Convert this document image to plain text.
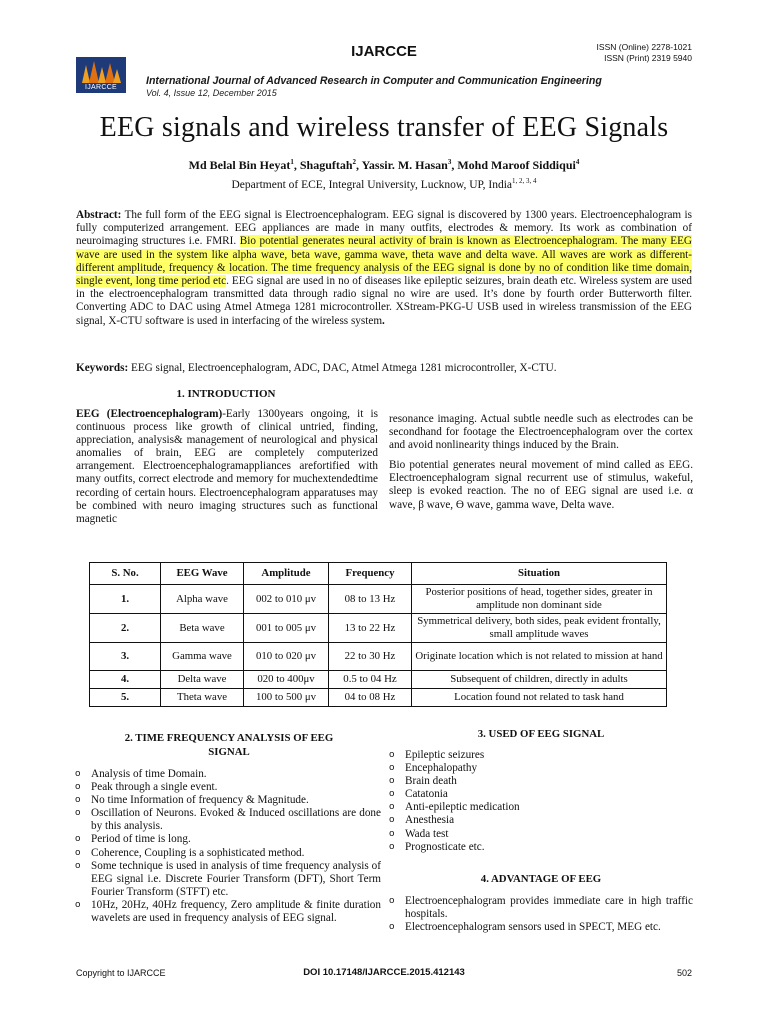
IJARCCE	ISSN (Online) 2278-1021
ISSN (Print) 2319 5940
IJARCCE
International Journal of Advanced Research in Computer and Communication Engineering
Vol. 4, Issue 12, December 2015
EEG signals and wireless transfer of EEG Signals
Md Belal Bin Heyat$^1$, Shaguftah$^2$, Yassir. M. Hasan$^3$, Mohd Maroof Siddiqui$^4$
Department of ECE, Integral University, Lucknow, UP, India$^{1, 2, 3, 4}$
Abstract: The full form of the EEG signal is Electroencephalogram. EEG signal is discovered by 1300 years. Electroencephalogram is fully computerized arrangement. EEG appliances are made in many outfits, electrodes & memory. Its work as combination of neuroimaging structures i.e. FMRI. Bio potential generates neural activity of brain is known as Electroencephalogram. The many EEG wave are used in the system like alpha wave, beta wave, gamma wave, theta wave and delta wave. All waves are work as different-different amplitude, frequency & location. The time frequency analysis of the EEG signal is done by no of condition like time domain, single event, long time period etc. EEG signal are used in no of diseases like epileptic seizures, brain death etc. Wireless system are used in the electroencephalogram transmitted data through radio signal no wire are used. It’s done by fourth order Butterworth filter. Converting ADC to DAC using Atmel Atmega 1281 microcontroller. XStream-PKG-U USB used in wireless transmission of the EEG signal, X-CTU software is used in interfacing of the wireless system.
Keywords: EEG signal, Electroencephalogram, ADC, DAC, Atmel Atmega 1281 microcontroller, X-CTU.
1. INTRODUCTION
EEG (Electroencephalogram)-Early 1300years ongoing, it is continuous process like growth of clinical untried, finding, appreciation, analysis& management of neurological and physical anomalies of brain, EEG are completely computerized arrangement. Electroencephalogramappliances arefortified with many outfits, correct electrode and memory for muchextendedtime recording of certain hours. Electroencephalogram apparatuses may be combined with neuro imaging structures such as functional magnetic

resonance imaging. Actual subtle needle such as electrodes can be secondhand for footage the Electroencephalogram over the cortex and avoid nonlinearity things induced by the Brain.

Bio potential generates neural movement of mind called as EEG. Electroencephalogram signal recurrent use of stimulus, wakeful, sleep is evoked reaction. The no of EEG signal are used i.e. α wave, β wave, ϴ wave, gamma wave, Delta wave.

S. No.	EEG Wave	Amplitude	Frequency	Situation
1.	Alpha wave	002 to 010 μv	08 to 13 Hz	Posterior positions of head, together sides, greater in amplitude non dominant side
2.	Beta wave	001 to 005 μv	13 to 22 Hz	Symmetrical delivery, both sides, peak evident frontally, small amplitude waves
3.	Gamma wave	010 to 020 μv	22 to 30 Hz	Originate location which is not related to mission at hand
4.	Delta wave	020 to 400μv	0.5 to 04 Hz	Subsequent of children, directly in adults
5.	Theta wave	100 to 500 μv	04 to 08 Hz	Location found not related to task hand
2. TIME FREQUENCY ANALYSIS OF EEG
SIGNAL
o Analysis of time Domain.
o Peak through a single event.
o No time Information of frequency & Magnitude.
o Oscillation of Neurons. Evoked & Induced oscillations are done by this analysis.
o Period of time is long.
o Coherence, Coupling is a sophisticated method.
o Some technique is used in analysis of time frequency analysis of EEG signal i.e. Discrete Fourier Transform (DFT), Short Term Fourier Transform (STFT) etc.
o 10Hz, 20Hz, 40Hz frequency, Zero amplitude & finite duration wavelets are used in frequency analysis of EEG signal.
3. USED OF EEG SIGNAL
o Epileptic seizures
o Encephalopathy
o Brain death
o Catatonia
o Anti-epileptic medication
o Anesthesia
o Wada test
o Prognosticate etc.
4. ADVANTAGE OF EEG
o Electroencephalogram provides immediate care in high traffic hospitals.
o Electroencephalogram sensors used in SPECT, MEG etc.
Copyright to IJARCCE	DOI 10.17148/IJARCCE.2015.412143	502
